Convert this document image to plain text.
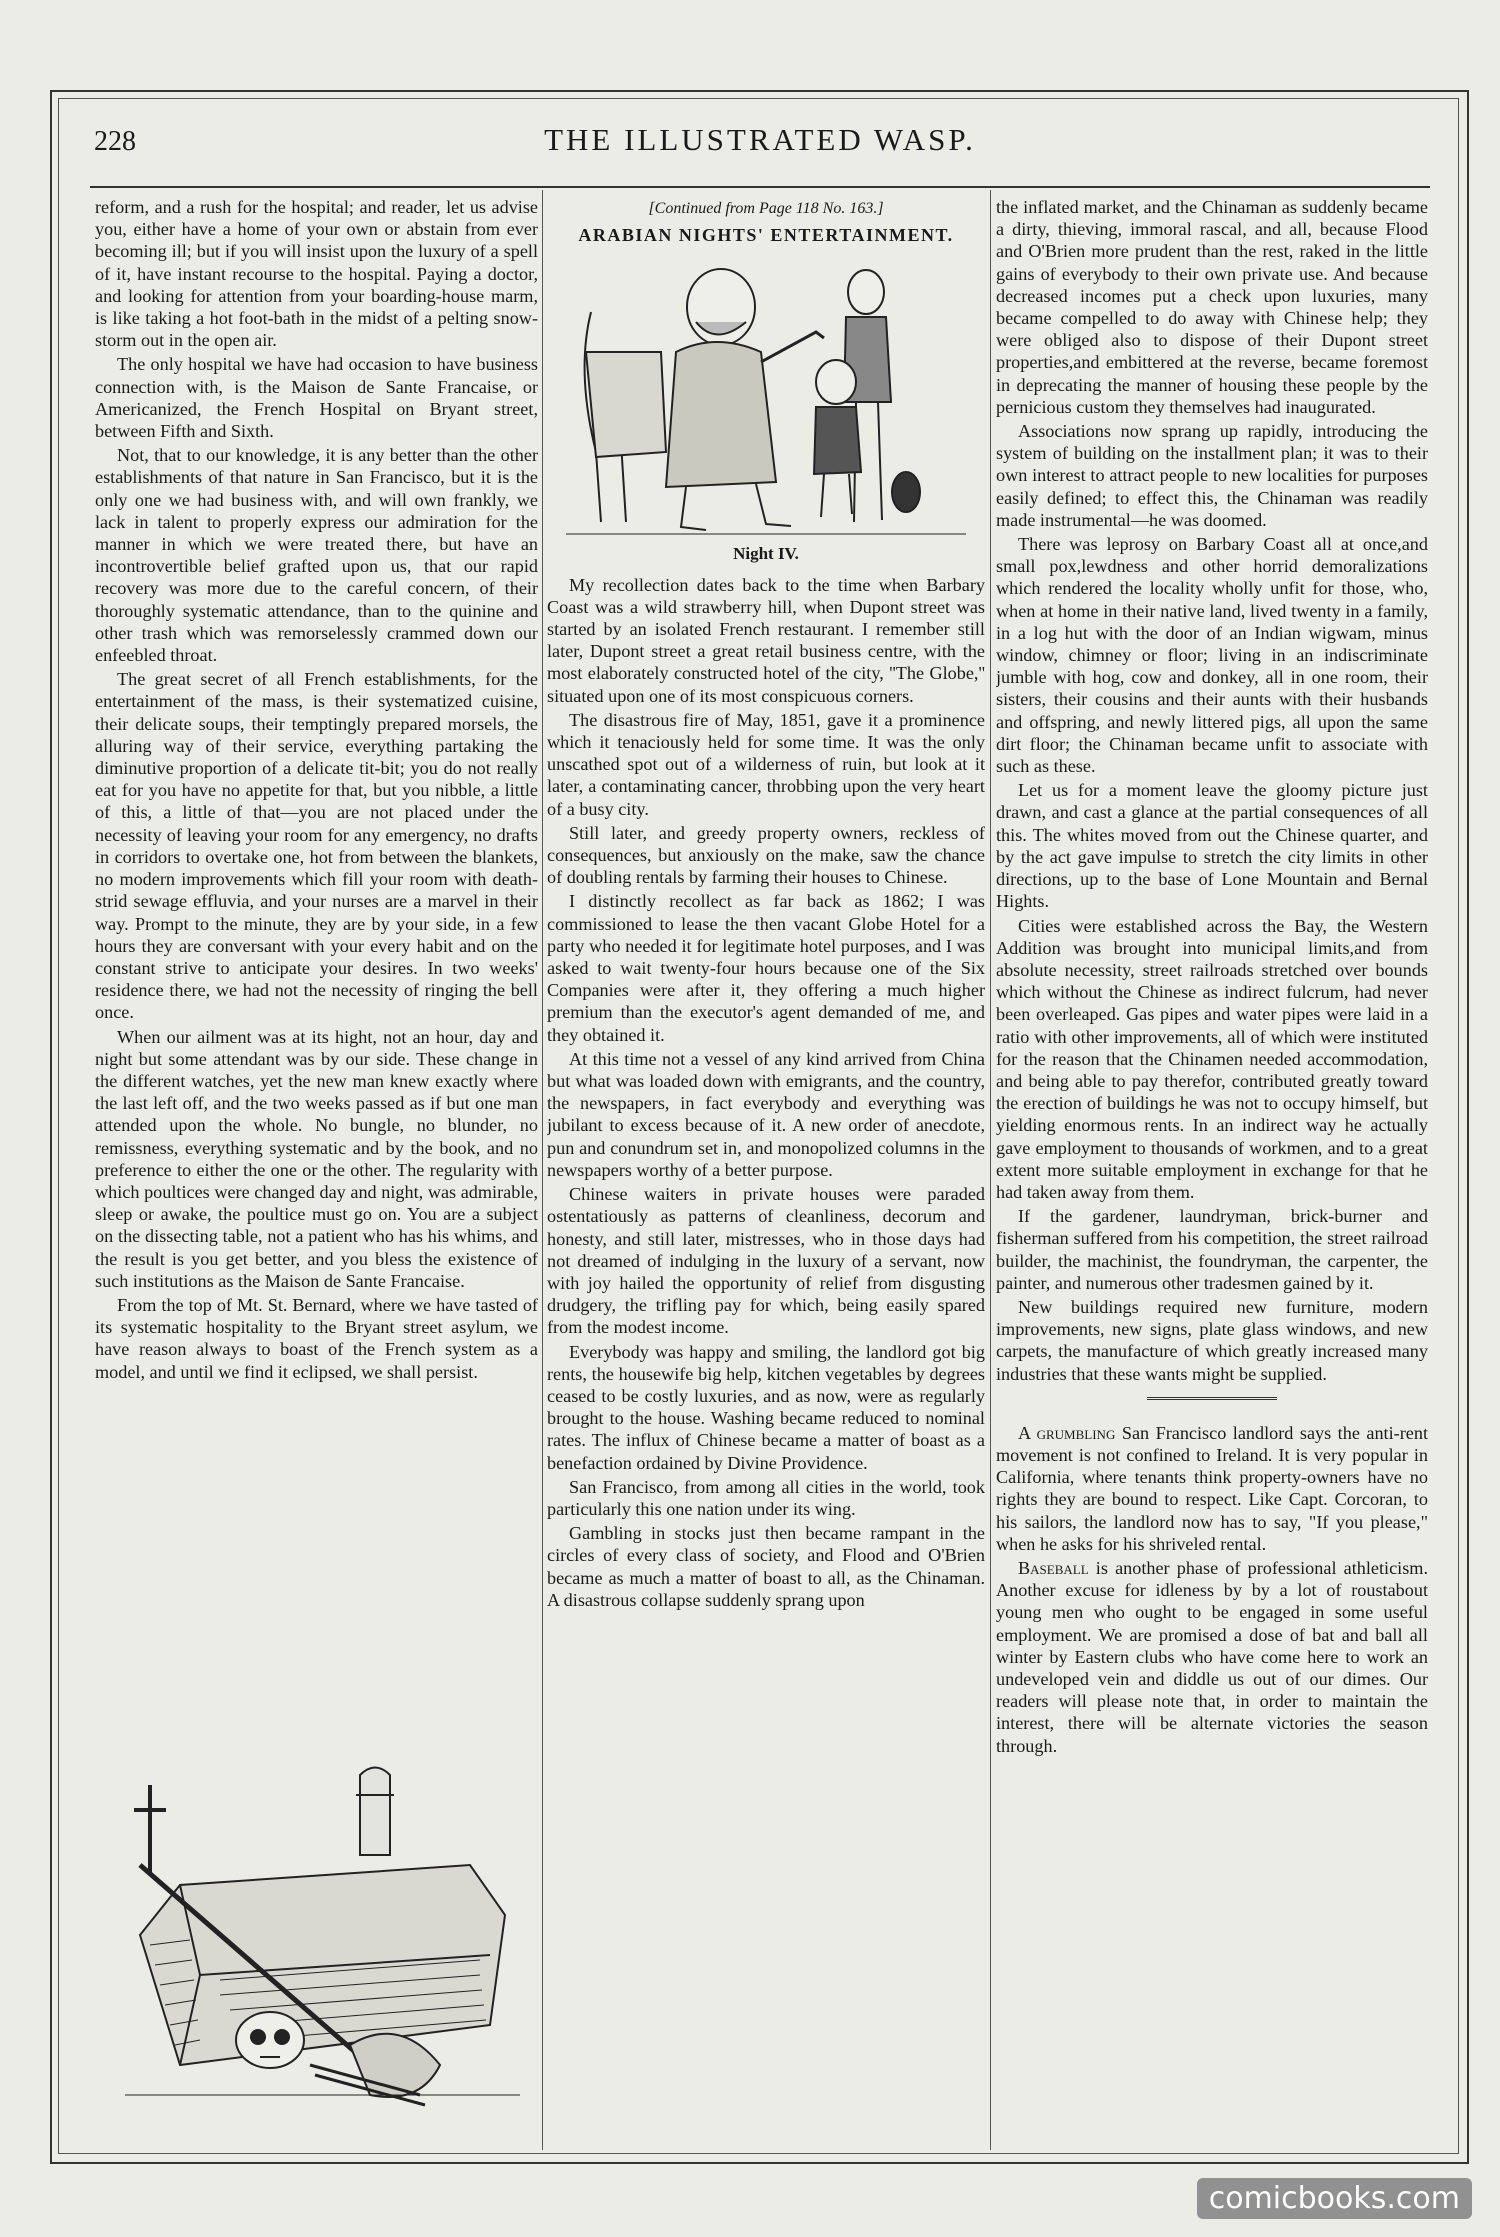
228	THE ILLUSTRATED WASP.

reform, and a rush for the hospital; and reader, let us advise you, either have a home of your own or abstain from ever becoming ill; but if you will insist upon the luxury of a spell of it, have instant recourse to the hospital. Paying a doctor, and looking for attention from your boarding-house marm, is like taking a hot foot-bath in the midst of a pelting snow-storm out in the open air.

The only hospital we have had occasion to have business connection with, is the Maison de Sante Francaise, or Americanized, the French Hospital on Bryant street, between Fifth and Sixth.

Not, that to our knowledge, it is any better than the other establishments of that nature in San Francisco, but it is the only one we had business with, and will own frankly, we lack in talent to properly express our admiration for the manner in which we were treated there, but have an incontrovertible belief grafted upon us, that our rapid recovery was more due to the careful concern, of their thoroughly systematic attendance, than to the quinine and other trash which was remorselessly crammed down our enfeebled throat.

The great secret of all French establishments, for the entertainment of the mass, is their systematized cuisine, their delicate soups, their temptingly prepared morsels, the alluring way of their service, everything partaking the diminutive proportion of a delicate tit-bit; you do not really eat for you have no appetite for that, but you nibble, a little of this, a little of that—you are not placed under the necessity of leaving your room for any emergency, no drafts in corridors to overtake one, hot from between the blankets, no modern improvements which fill your room with death-strid sewage effluvia, and your nurses are a marvel in their way. Prompt to the minute, they are by your side, in a few hours they are conversant with your every habit and on the constant strive to anticipate your desires. In two weeks' residence there, we had not the necessity of ringing the bell once.

When our ailment was at its hight, not an hour, day and night but some attendant was by our side. These change in the different watches, yet the new man knew exactly where the last left off, and the two weeks passed as if but one man attended upon the whole. No bungle, no blunder, no remissness, everything systematic and by the book, and no preference to either the one or the other. The regularity with which poultices were changed day and night, was admirable, sleep or awake, the poultice must go on. You are a subject on the dissecting table, not a patient who has his whims, and the result is you get better, and you bless the existence of such institutions as the Maison de Sante Francaise.

From the top of Mt. St. Bernard, where we have tasted of its systematic hospitality to the Bryant street asylum, we have reason always to boast of the French system as a model, and until we find it eclipsed, we shall persist.

[Continued from Page 118 No. 163.]
ARABIAN NIGHTS' ENTERTAINMENT.
Night IV.

My recollection dates back to the time when Barbary Coast was a wild strawberry hill, when Dupont street was started by an isolated French restaurant. I remember still later, Dupont street a great retail business centre, with the most elaborately constructed hotel of the city, ''The Globe,'' situated upon one of its most conspicuous corners.

The disastrous fire of May, 1851, gave it a prominence which it tenaciously held for some time. It was the only unscathed spot out of a wilderness of ruin, but look at it later, a contaminating cancer, throbbing upon the very heart of a busy city.

Still later, and greedy property owners, reckless of consequences, but anxiously on the make, saw the chance of doubling rentals by farming their houses to Chinese.

I distinctly recollect as far back as 1862; I was commissioned to lease the then vacant Globe Hotel for a party who needed it for legitimate hotel purposes, and I was asked to wait twenty-four hours because one of the Six Companies were after it, they offering a much higher premium than the executor's agent demanded of me, and they obtained it.

At this time not a vessel of any kind arrived from China but what was loaded down with emigrants, and the country, the newspapers, in fact everybody and everything was jubilant to excess because of it. A new order of anecdote, pun and conundrum set in, and monopolized columns in the newspapers worthy of a better purpose.

Chinese waiters in private houses were paraded ostentatiously as patterns of cleanliness, decorum and honesty, and still later, mistresses, who in those days had not dreamed of indulging in the luxury of a servant, now with joy hailed the opportunity of relief from disgusting drudgery, the trifling pay for which, being easily spared from the modest income.

Everybody was happy and smiling, the landlord got big rents, the housewife big help, kitchen vegetables by degrees ceased to be costly luxuries, and as now, were as regularly brought to the house. Washing became reduced to nominal rates. The influx of Chinese became a matter of boast as a benefaction ordained by Divine Providence.

San Francisco, from among all cities in the world, took particularly this one nation under its wing.

Gambling in stocks just then became rampant in the circles of every class of society, and Flood and O'Brien became as much a matter of boast to all, as the Chinaman. A disastrous collapse suddenly sprang upon

the inflated market, and the Chinaman as suddenly became a dirty, thieving, immoral rascal, and all, because Flood and O'Brien more prudent than the rest, raked in the little gains of everybody to their own private use. And because decreased incomes put a check upon luxuries, many became compelled to do away with Chinese help; they were obliged also to dispose of their Dupont street properties,and embittered at the reverse, became foremost in deprecating the manner of housing these people by the pernicious custom they themselves had inaugurated.

Associations now sprang up rapidly, introducing the system of building on the installment plan; it was to their own interest to attract people to new localities for purposes easily defined; to effect this, the Chinaman was readily made instrumental—he was doomed.

There was leprosy on Barbary Coast all at once,and small pox,lewdness and other horrid demoralizations which rendered the locality wholly unfit for those, who, when at home in their native land, lived twenty in a family, in a log hut with the door of an Indian wigwam, minus window, chimney or floor; living in an indiscriminate jumble with hog, cow and donkey, all in one room, their sisters, their cousins and their aunts with their husbands and offspring, and newly littered pigs, all upon the same dirt floor; the Chinaman became unfit to associate with such as these.

Let us for a moment leave the gloomy picture just drawn, and cast a glance at the partial consequences of all this. The whites moved from out the Chinese quarter, and by the act gave impulse to stretch the city limits in other directions, up to the base of Lone Mountain and Bernal Hights.

Cities were established across the Bay, the Western Addition was brought into municipal limits,and from absolute necessity, street railroads stretched over bounds which without the Chinese as indirect fulcrum, had never been overleaped. Gas pipes and water pipes were laid in a ratio with other improvements, all of which were instituted for the reason that the Chinamen needed accommodation, and being able to pay therefor, contributed greatly toward the erection of buildings he was not to occupy himself, but yielding enormous rents. In an indirect way he actually gave employment to thousands of workmen, and to a great extent more suitable employment in exchange for that he had taken away from them.

If the gardener, laundryman, brick-burner and fisherman suffered from his competition, the street railroad builder, the machinist, the foundryman, the carpenter, the painter, and numerous other tradesmen gained by it.

New buildings required new furniture, modern improvements, new signs, plate glass windows, and new carpets, the manufacture of which greatly increased many industries that these wants might be supplied.

A grumbling San Francisco landlord says the anti-rent movement is not confined to Ireland. It is very popular in California, where tenants think property-owners have no rights they are bound to respect. Like Capt. Corcoran, to his sailors, the landlord now has to say, "If you please," when he asks for his shriveled rental.

Baseball is another phase of professional athleticism. Another excuse for idleness by by a lot of roustabout young men who ought to be engaged in some useful employment. We are promised a dose of bat and ball all winter by Eastern clubs who have come here to work an undeveloped vein and diddle us out of our dimes. Our readers will please note that, in order to maintain the interest, there will be alternate victories the season through.

comicbooks.com
